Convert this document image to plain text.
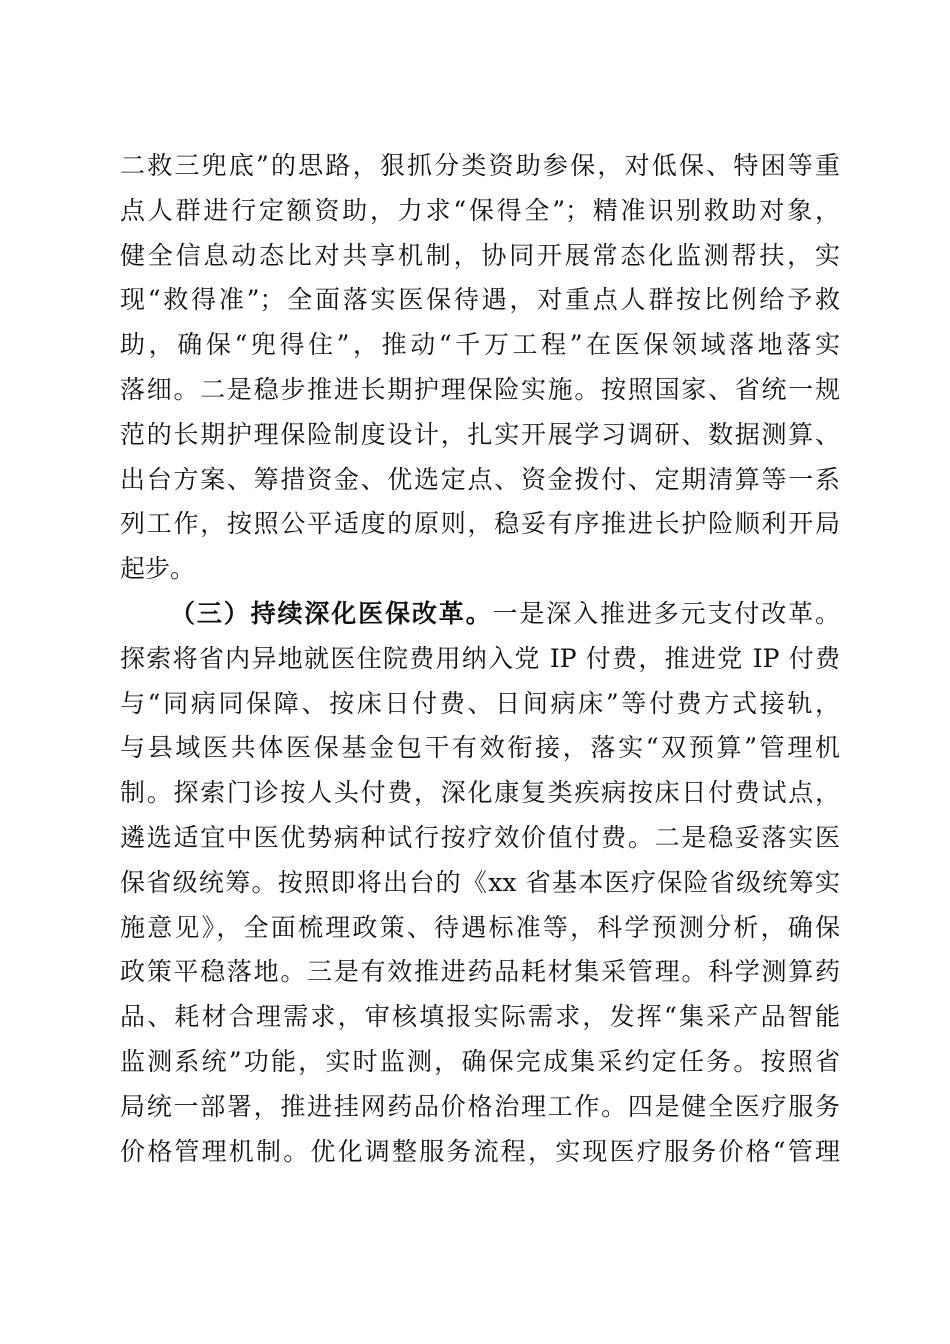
二救三兜底”的思路，狠抓分类资助参保，对低保、特困等重
点人群进行定额资助，力求“保得全”；精准识别救助对象，
健全信息动态比对共享机制，协同开展常态化监测帮扶，实
现“救得准”；全面落实医保待遇，对重点人群按比例给予救
助，确保“兜得住”，推动“千万工程”在医保领域落地落实
落细。二是稳步推进长期护理保险实施。按照国家、省统一规
范的长期护理保险制度设计，扎实开展学习调研、数据测算、
出台方案、筹措资金、优选定点、资金拨付、定期清算等一系
列工作，按照公平适度的原则，稳妥有序推进长护险顺利开局
起步。
（三）持续深化医保改革。一是深入推进多元支付改革。
探索将省内异地就医住院费用纳入党 IP 付费，推进党 IP 付费
与“同病同保障、按床日付费、日间病床”等付费方式接轨，
与县域医共体医保基金包干有效衔接，落实“双预算”管理机
制。探索门诊按人头付费，深化康复类疾病按床日付费试点，
遴选适宜中医优势病种试行按疗效价值付费。二是稳妥落实医
保省级统筹。按照即将出台的《xx 省基本医疗保险省级统筹实
施意见》，全面梳理政策、待遇标准等，科学预测分析，确保
政策平稳落地。三是有效推进药品耗材集采管理。科学测算药
品、耗材合理需求，审核填报实际需求，发挥“集采产品智能
监测系统”功能，实时监测，确保完成集采约定任务。按照省
局统一部署，推进挂网药品价格治理工作。四是健全医疗服务
价格管理机制。优化调整服务流程，实现医疗服务价格“管理
